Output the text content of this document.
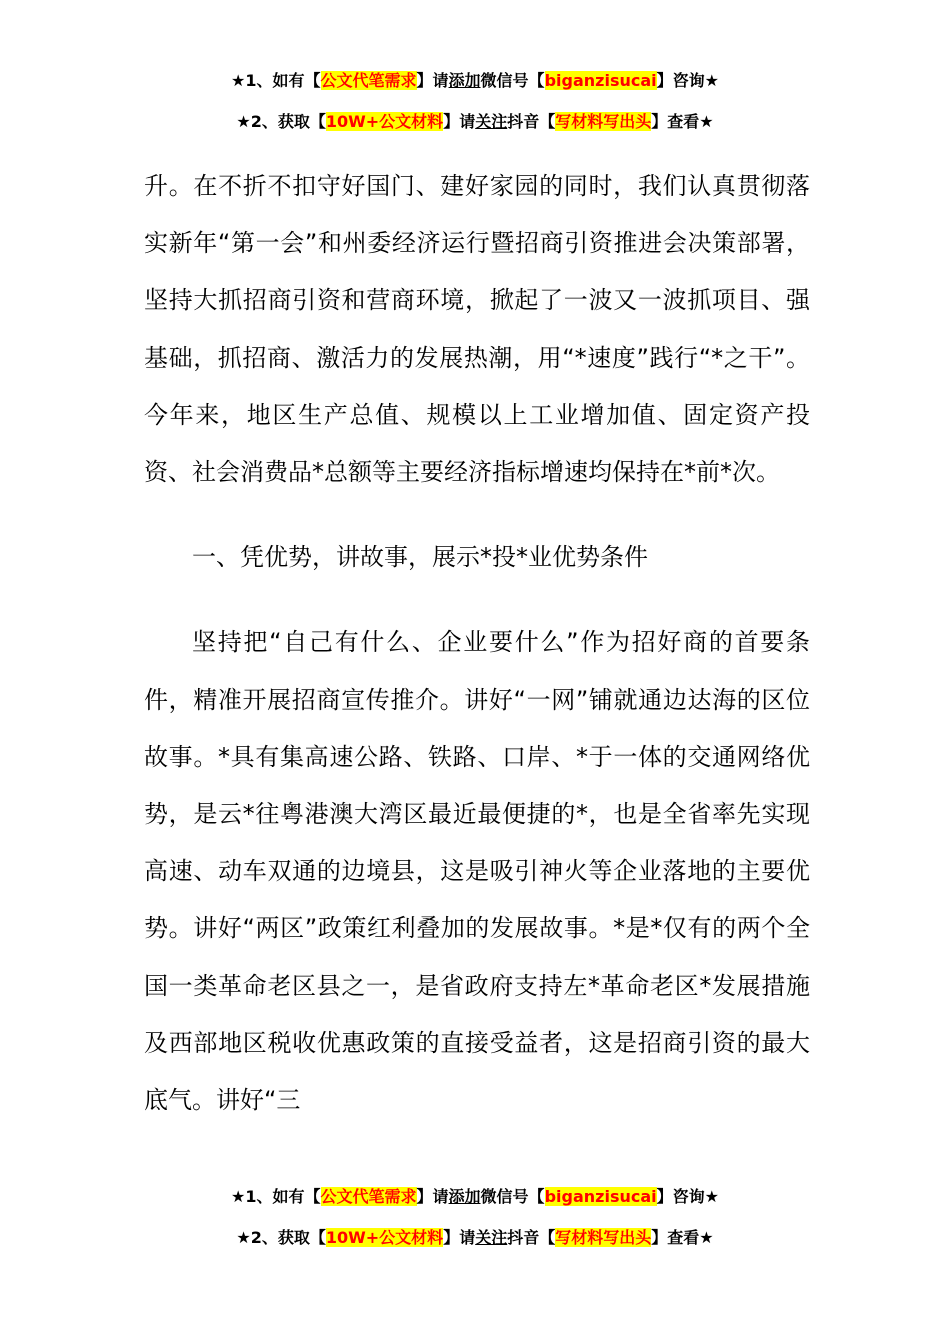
★1、如有【公文代笔需求】请添加微信号【biganzisucai】咨询★
★2、获取【10W+公文材料】请关注抖音【写材料写出头】查看★

升。在不折不扣守好国门、建好家园的同时，我们认真贯彻落实新年“第一会”和州委经济运行暨招商引资推进会决策部署，坚持大抓招商引资和营商环境，掀起了一波又一波抓项目、强基础，抓招商、激活力的发展热潮，用“*速度”践行“*之干”。今年来，地区生产总值、规模以上工业增加值、固定资产投资、社会消费品*总额等主要经济指标增速均保持在*前*次。

一、凭优势，讲故事，展示*投*业优势条件

坚持把“自己有什么、企业要什么”作为招好商的首要条件，精准开展招商宣传推介。讲好“一网”铺就通边达海的区位故事。*具有集高速公路、铁路、口岸、*于一体的交通网络优势，是云*往粤港澳大湾区最近最便捷的*，也是全省率先实现高速、动车双通的边境县，这是吸引神火等企业落地的主要优势。讲好“两区”政策红利叠加的发展故事。*是*仅有的两个全国一类革命老区县之一，是省政府支持左*革命老区*发展措施及西部地区税收优惠政策的直接受益者，这是招商引资的最大底气。讲好“三

★1、如有【公文代笔需求】请添加微信号【biganzisucai】咨询★
★2、获取【10W+公文材料】请关注抖音【写材料写出头】查看★
